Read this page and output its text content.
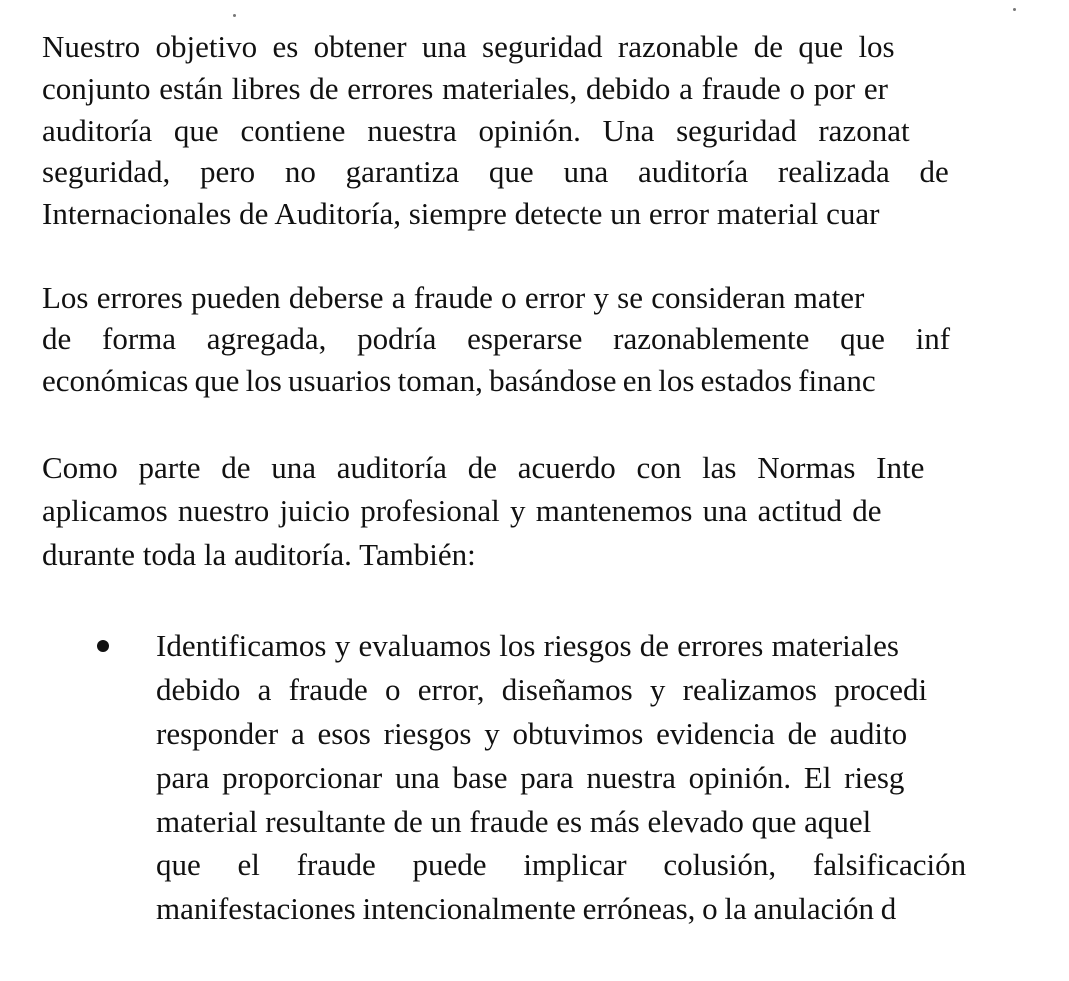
Nuestro objetivo es obtener una seguridad razonable de que los
conjunto están libres de errores materiales, debido a fraude o por er
auditoría que contiene nuestra opinión. Una seguridad razonat
seguridad, pero no garantiza que una auditoría realizada de
Internacionales de Auditoría, siempre detecte un error material cuar
Los errores pueden deberse a fraude o error y se consideran mater
de forma agregada, podría esperarse razonablemente que inf
económicas que los usuarios toman, basándose en los estados financ
Como parte de una auditoría de acuerdo con las Normas Inte
aplicamos nuestro juicio profesional y mantenemos una actitud de
durante toda la auditoría. También:
Identificamos y evaluamos los riesgos de errores materiales
debido a fraude o error, diseñamos y realizamos procedi
responder a esos riesgos y obtuvimos evidencia de audito
para proporcionar una base para nuestra opinión. El riesg
material resultante de un fraude es más elevado que aquel
que el fraude puede implicar colusión, falsificación
manifestaciones intencionalmente erróneas, o la anulación d
